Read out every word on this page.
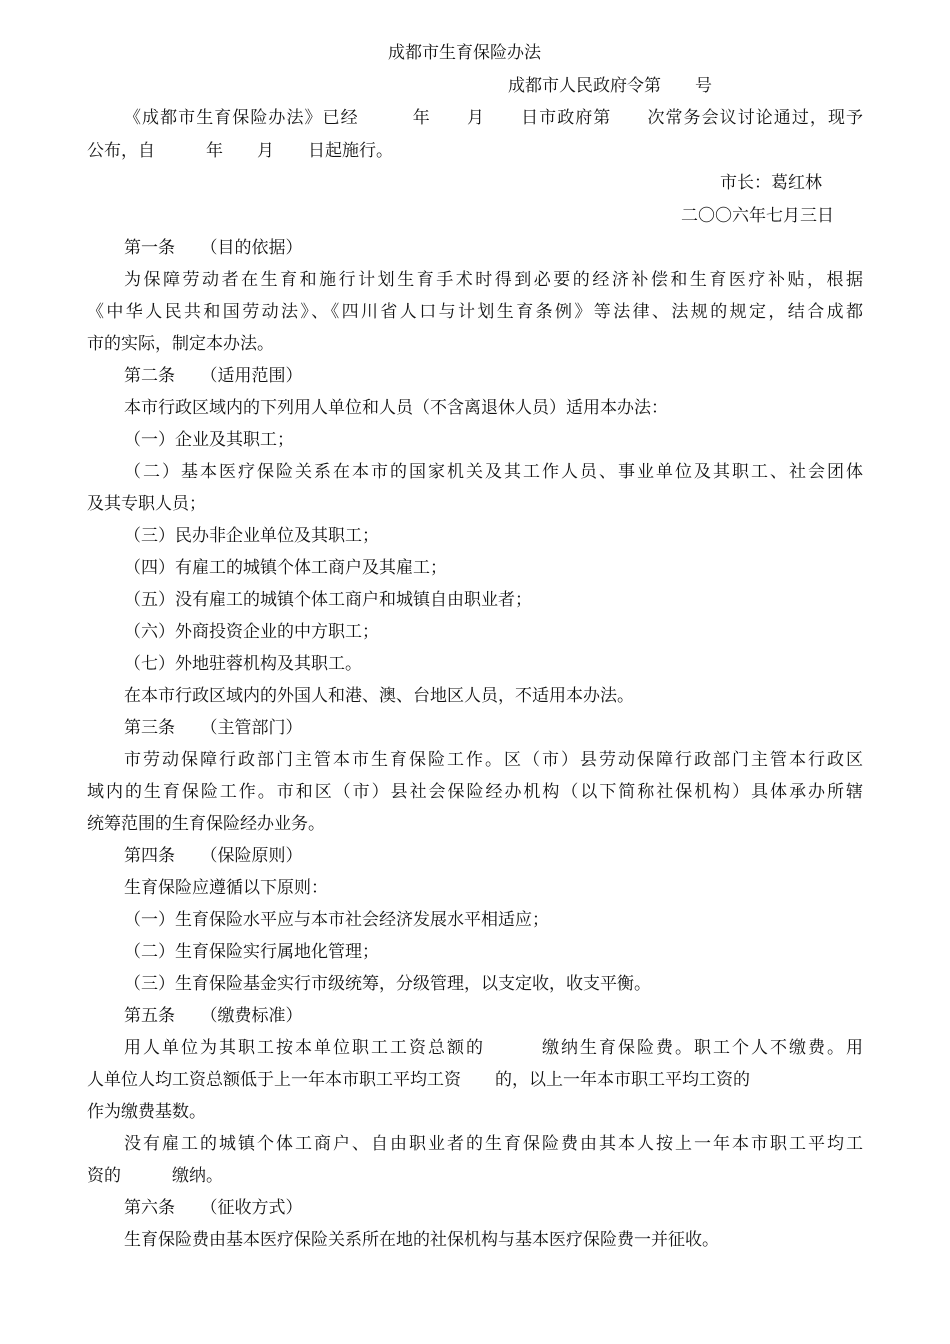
成都市生育保险办法
成都市人民政府令第　　号
《成都市生育保险办法》已经　　　年　　月　　日市政府第　　次常务会议讨论通过，现予
公布，自　　　年　　月　　日起施行。
市长：葛红林
二〇〇六年七月三日
第一条　　（目的依据）
为保障劳动者在生育和施行计划生育手术时得到必要的经济补偿和生育医疗补贴，根据
《中华人民共和国劳动法》、《四川省人口与计划生育条例》等法律、法规的规定，结合成都
市的实际，制定本办法。
第二条　　（适用范围）
本市行政区域内的下列用人单位和人员（不含离退休人员）适用本办法：
（一）企业及其职工；
（二）基本医疗保险关系在本市的国家机关及其工作人员、事业单位及其职工、社会团体
及其专职人员；
（三）民办非企业单位及其职工；
（四）有雇工的城镇个体工商户及其雇工；
（五）没有雇工的城镇个体工商户和城镇自由职业者；
（六）外商投资企业的中方职工；
（七）外地驻蓉机构及其职工。
在本市行政区域内的外国人和港、澳、台地区人员，不适用本办法。
第三条　　（主管部门）
市劳动保障行政部门主管本市生育保险工作。区（市）县劳动保障行政部门主管本行政区
域内的生育保险工作。市和区（市）县社会保险经办机构（以下简称社保机构）具体承办所辖
统筹范围的生育保险经办业务。
第四条　　（保险原则）
生育保险应遵循以下原则：
（一）生育保险水平应与本市社会经济发展水平相适应；
（二）生育保险实行属地化管理；
（三）生育保险基金实行市级统筹，分级管理，以支定收，收支平衡。
第五条　　（缴费标准）
用人单位为其职工按本单位职工工资总额的　　　缴纳生育保险费。职工个人不缴费。用
人单位人均工资总额低于上一年本市职工平均工资　　的，以上一年本市职工平均工资的
作为缴费基数。
没有雇工的城镇个体工商户、自由职业者的生育保险费由其本人按上一年本市职工平均工
资的　　　缴纳。
第六条　　（征收方式）
生育保险费由基本医疗保险关系所在地的社保机构与基本医疗保险费一并征收。
